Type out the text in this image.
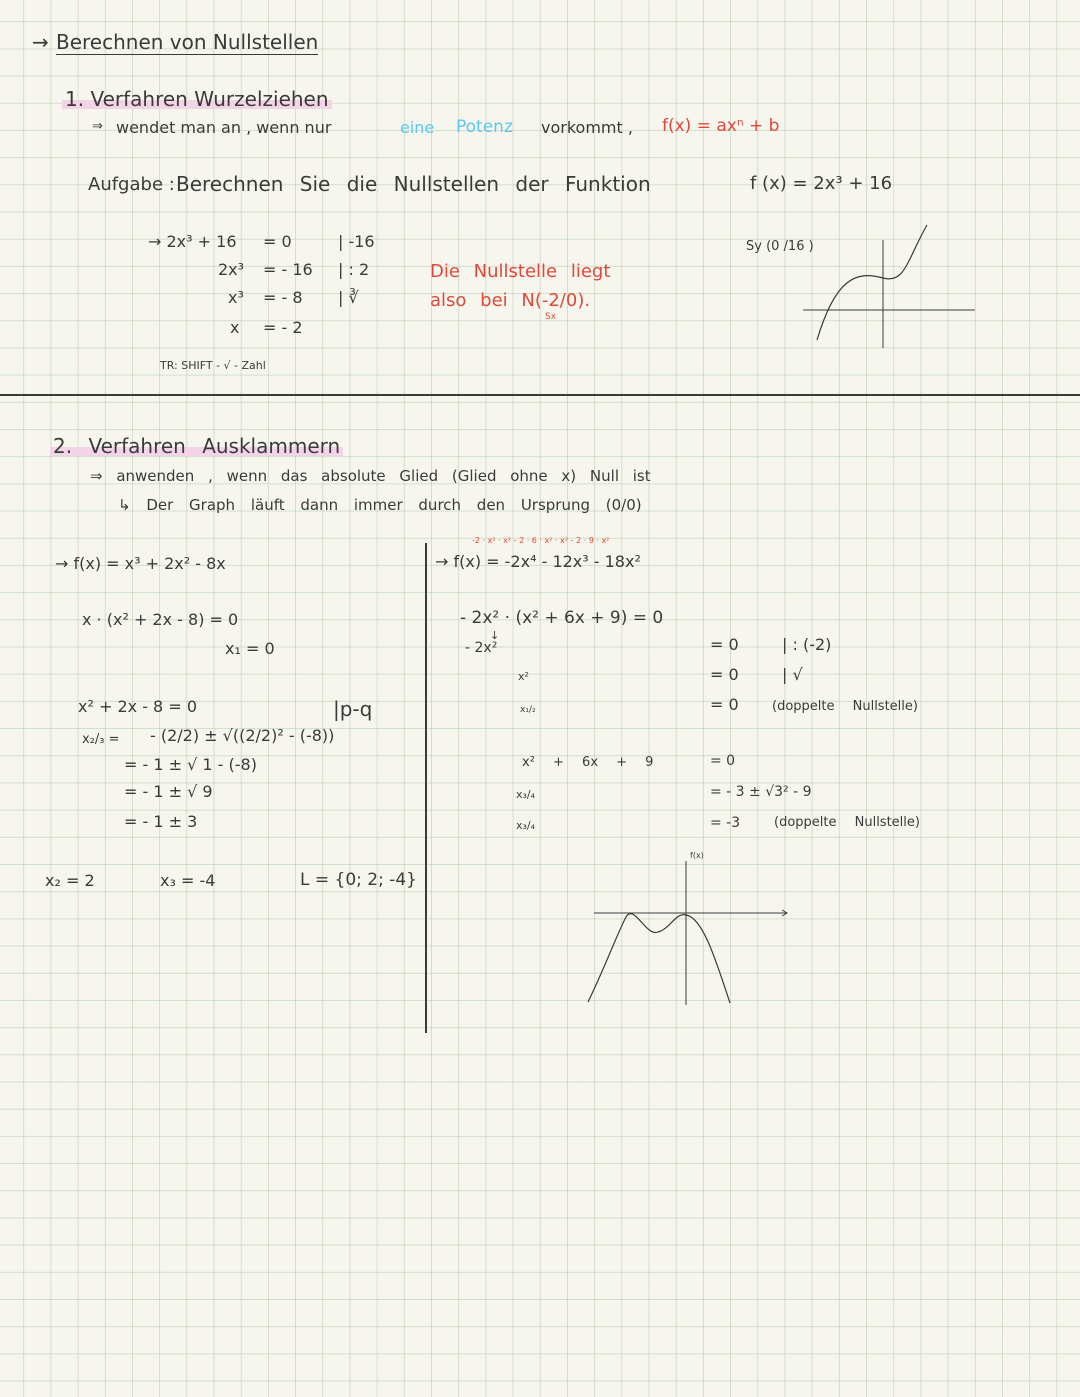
→ Berechnen von Nullstellen
1. Verfahren Wurzelziehen
⇒ wendet man an , wenn nur	eine Potenz vorkommt , f(x) = axⁿ + b
Aufgabe : Berechnen Sie die Nullstellen der Funktion	f (x) = 2x³ + 16
→ 2x³ + 16 = 0	| -16
2x³ = - 16 | : 2
x³ = - 8 | ∛
x = - 2
TR: SHIFT - √ - Zahl
Die Nullstelle liegt
also bei N(-2/0).
Sx
Sy (0 /16 )
2. Verfahren Ausklammern
⇒ anwenden , wenn das absolute Glied (Glied ohne x) Null ist
↳ Der Graph läuft dann immer durch den Ursprung (0/0)
→ f(x) = x³ + 2x² - 8x
x · (x² + 2x - 8) = 0
x₁ = 0
x² + 2x - 8 = 0	|p-q
x₂/₃ = - (2/2) ± √((2/2)² - (-8))
= - 1 ± √ 1 - (-8)
= - 1 ± √ 9
= - 1 ± 3
x₂ = 2	x₃ = -4	L = {0; 2; -4}
-2 · x² · x² - 2 · 6 · x² · x² - 2 · 9 · x²
→ f(x) = -2x⁴ - 12x³ - 18x²
- 2x² · (x² + 6x + 9) = 0
↓
- 2x²	= 0	| : (-2)
x²	= 0	| √
x₁/₂	= 0	(doppelte Nullstelle)
x² + 6x + 9	= 0
x₃/₄	= - 3 ± √3² - 9
x₃/₄	= -3	(doppelte Nullstelle)
f(x)
